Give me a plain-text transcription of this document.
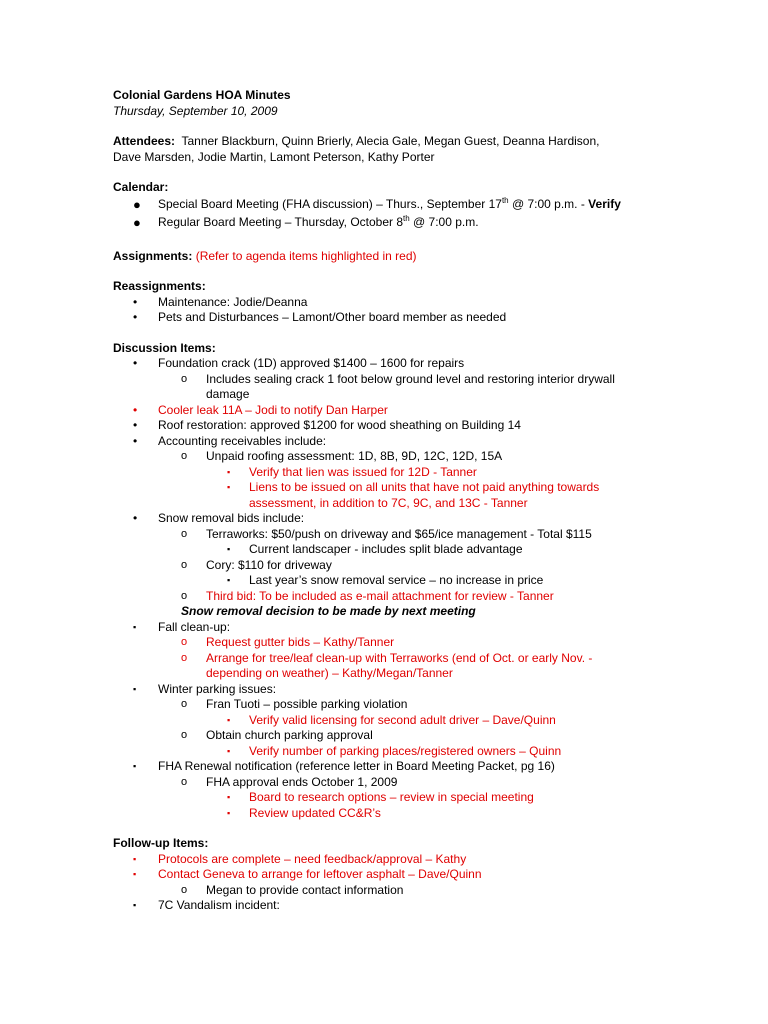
Colonial Gardens HOA Minutes
Thursday, September 10, 2009
Attendees: Tanner Blackburn, Quinn Brierly, Alecia Gale, Megan Guest, Deanna Hardison,
Dave Marsden, Jodie Martin, Lamont Peterson, Kathy Porter
Calendar:
● Special Board Meeting (FHA discussion) – Thurs., September 17th @ 7:00 p.m. - Verify
● Regular Board Meeting – Thursday, October 8th @ 7:00 p.m.
Assignments: (Refer to agenda items highlighted in red)
Reassignments:
• Maintenance: Jodie/Deanna
• Pets and Disturbances – Lamont/Other board member as needed
Discussion Items:
• Foundation crack (1D) approved $1400 – 1600 for repairs
o Includes sealing crack 1 foot below ground level and restoring interior drywall damage
• Cooler leak 11A – Jodi to notify Dan Harper
• Roof restoration: approved $1200 for wood sheathing on Building 14
• Accounting receivables include:
o Unpaid roofing assessment: 1D, 8B, 9D, 12C, 12D, 15A
▪ Verify that lien was issued for 12D - Tanner
▪ Liens to be issued on all units that have not paid anything towards assessment, in addition to 7C, 9C, and 13C - Tanner
• Snow removal bids include:
o Terraworks: $50/push on driveway and $65/ice management - Total $115
▪ Current landscaper - includes split blade advantage
o Cory: $110 for driveway
▪ Last year’s snow removal service – no increase in price
o Third bid: To be included as e-mail attachment for review - Tanner
Snow removal decision to be made by next meeting
▪ Fall clean-up:
o Request gutter bids – Kathy/Tanner
o Arrange for tree/leaf clean-up with Terraworks (end of Oct. or early Nov. - depending on weather) – Kathy/Megan/Tanner
▪ Winter parking issues:
o Fran Tuoti – possible parking violation
▪ Verify valid licensing for second adult driver – Dave/Quinn
o Obtain church parking approval
▪ Verify number of parking places/registered owners – Quinn
▪ FHA Renewal notification (reference letter in Board Meeting Packet, pg 16)
o FHA approval ends October 1, 2009
▪ Board to research options – review in special meeting
▪ Review updated CC&R’s
Follow-up Items:
▪ Protocols are complete – need feedback/approval – Kathy
▪ Contact Geneva to arrange for leftover asphalt – Dave/Quinn
o Megan to provide contact information
▪ 7C Vandalism incident:
